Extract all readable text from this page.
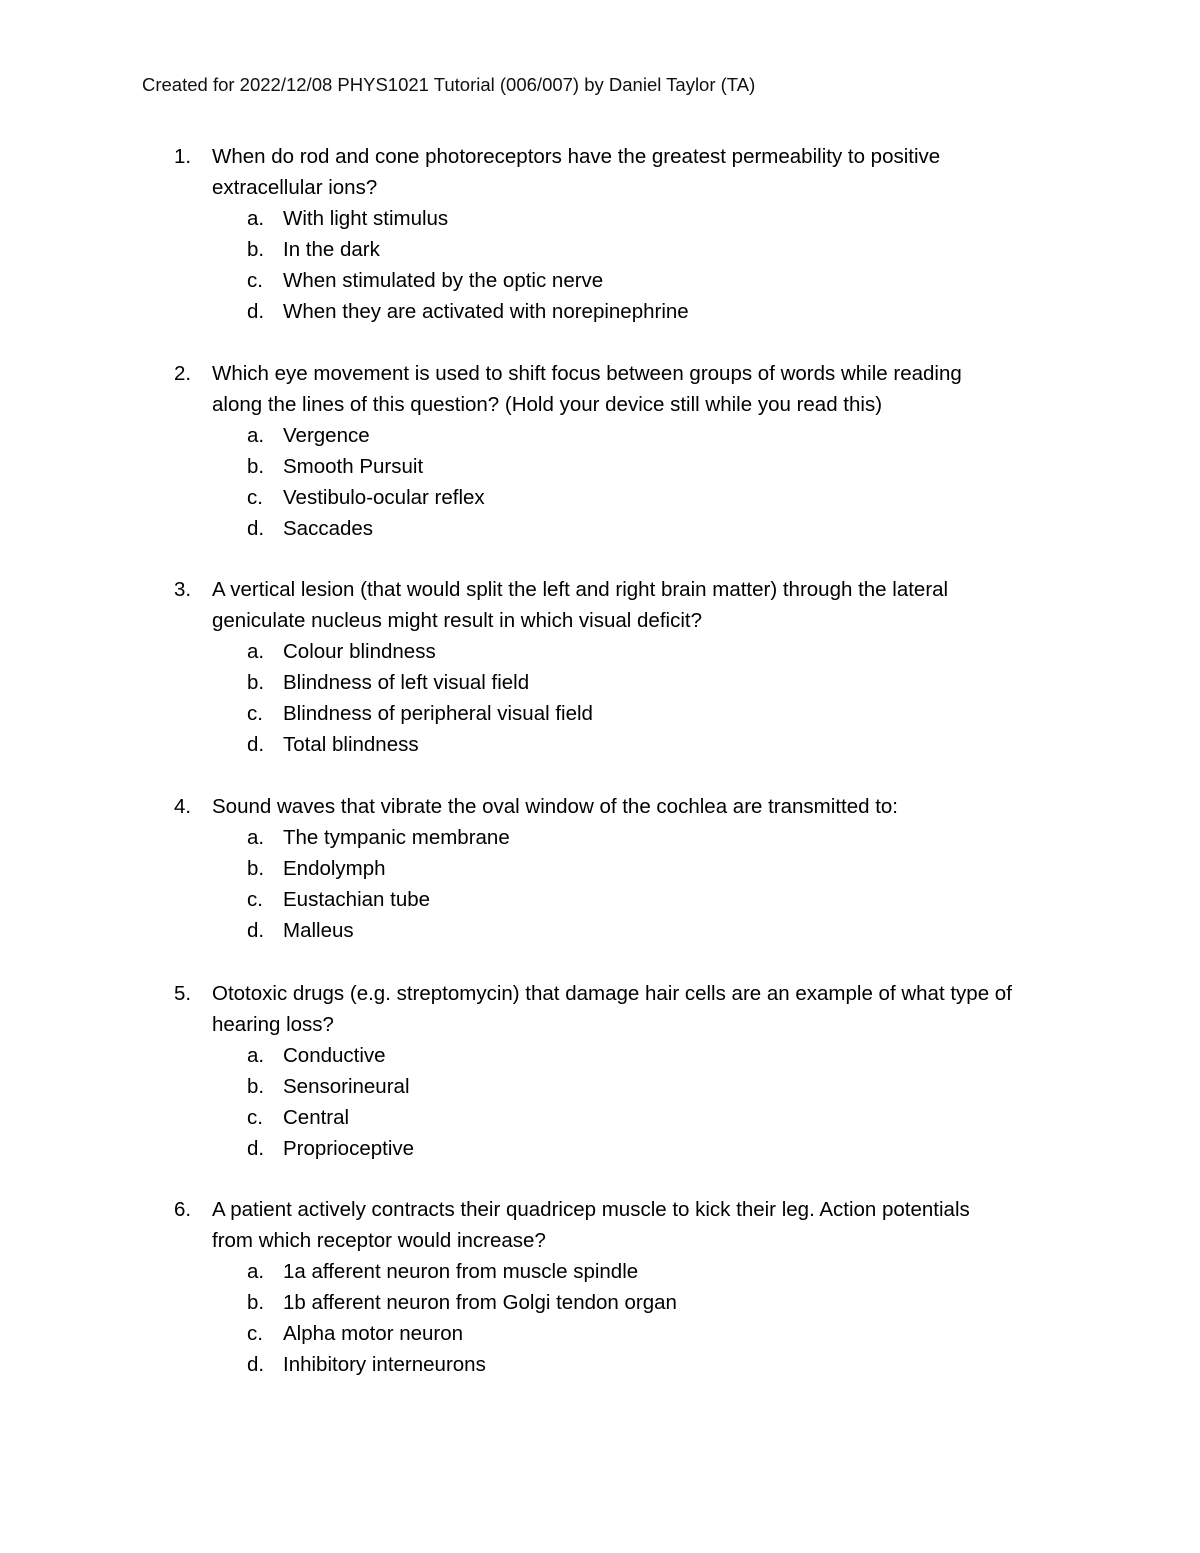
Created for 2022/12/08 PHYS1021 Tutorial (006/007) by Daniel Taylor (TA)
1. When do rod and cone photoreceptors have the greatest permeability to positive
extracellular ions?
a. With light stimulus
b. In the dark
c. When stimulated by the optic nerve
d. When they are activated with norepinephrine
2. Which eye movement is used to shift focus between groups of words while reading
along the lines of this question? (Hold your device still while you read this)
a. Vergence
b. Smooth Pursuit
c. Vestibulo-ocular reflex
d. Saccades
3. A vertical lesion (that would split the left and right brain matter) through the lateral
geniculate nucleus might result in which visual deficit?
a. Colour blindness
b. Blindness of left visual field
c. Blindness of peripheral visual field
d. Total blindness
4. Sound waves that vibrate the oval window of the cochlea are transmitted to:
a. The tympanic membrane
b. Endolymph
c. Eustachian tube
d. Malleus
5. Ototoxic drugs (e.g. streptomycin) that damage hair cells are an example of what type of
hearing loss?
a. Conductive
b. Sensorineural
c. Central
d. Proprioceptive
6. A patient actively contracts their quadricep muscle to kick their leg. Action potentials
from which receptor would increase?
a. 1a afferent neuron from muscle spindle
b. 1b afferent neuron from Golgi tendon organ
c. Alpha motor neuron
d. Inhibitory interneurons
